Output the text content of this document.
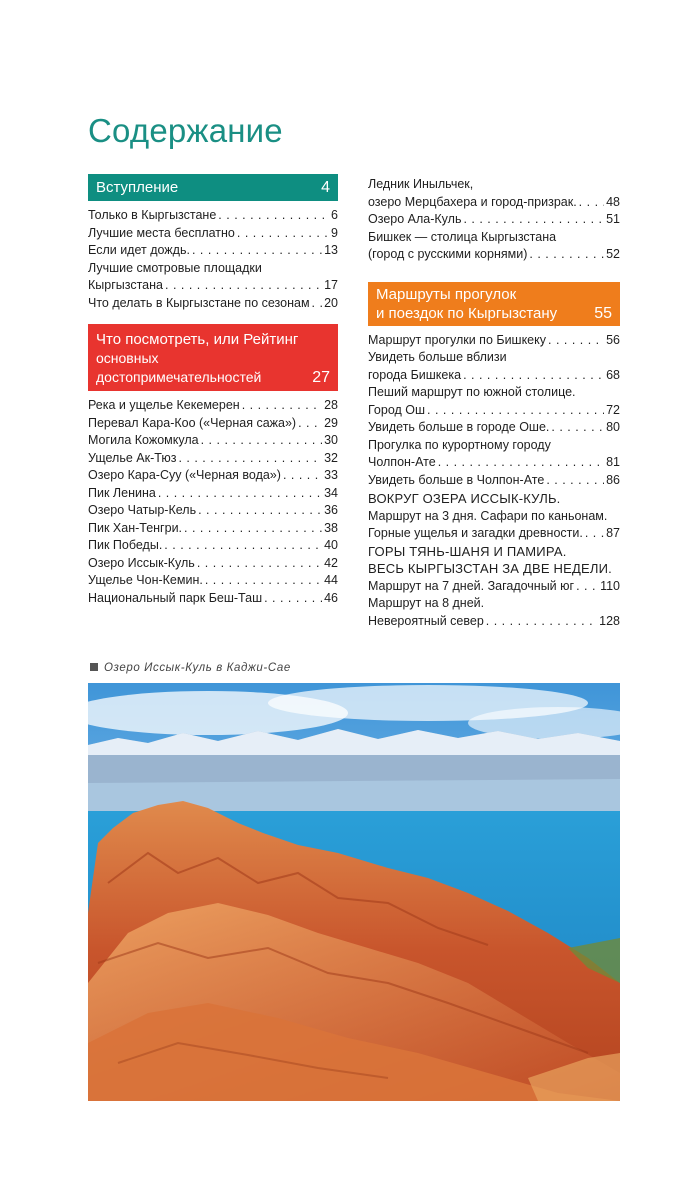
Содержание
Вступление	4
Только в Кыргызстане . . .	6
Лучшие места бесплатно . . .	9
Если идет дождь. . . .	13
Лучшие смотровые площадки
Кыргызстана . . .	17
Что делать в Кыргызстане по сезонам . . . 20
Что посмотреть, или Рейтинг
основных
достопримечательностей	27
Река и ущелье Кекемерен . . .	28
Перевал Кара-Коо («Черная сажа») . . . 29
Могила Кожомкула . . .	30
Ущелье Ак-Тюз . . .	32
Озеро Кара-Суу («Черная вода») . . .	33
Пик Ленина . . .	34
Озеро Чатыр-Кель . . .	36
Пик Хан-Тенгри. . . .	38
Пик Победы. . . .	40
Озеро Иссык-Куль . . .	42
Ущелье Чон-Кемин. . . .	44
Национальный парк Беш-Таш . . .	46
Ледник Иныльчек,
озеро Мерцбахера и город-призрак. . . . 48
Озеро Ала-Куль . . .	51
Бишкек — столица Кыргызстана
(город с русскими корнями) . . .	52
Маршруты прогулок
и поездок по Кыргызстану	55
Маршрут прогулки по Бишкеку . . .	56
Увидеть больше вблизи
города Бишкека . . .	68
Пеший маршрут по южной столице.
Город Ош . . .	72
Увидеть больше в городе Оше. . . .	80
Прогулка по курортному городу
Чолпон-Ате . . .	81
Увидеть больше в Чолпон-Ате . . .	86
ВОКРУГ ОЗЕРА ИССЫК-КУЛЬ.
Маршрут на 3 дня. Сафари по каньонам.
Горные ущелья и загадки древности. . . . 87
ГОРЫ ТЯНЬ-ШАНЯ И ПАМИРА.
ВЕСЬ КЫРГЫЗСТАН ЗА ДВЕ НЕДЕЛИ.
Маршрут на 7 дней. Загадочный юг . . . 110
Маршрут на 8 дней.
Невероятный север . . .	128
Озеро Иссык-Куль в Каджи-Сае
